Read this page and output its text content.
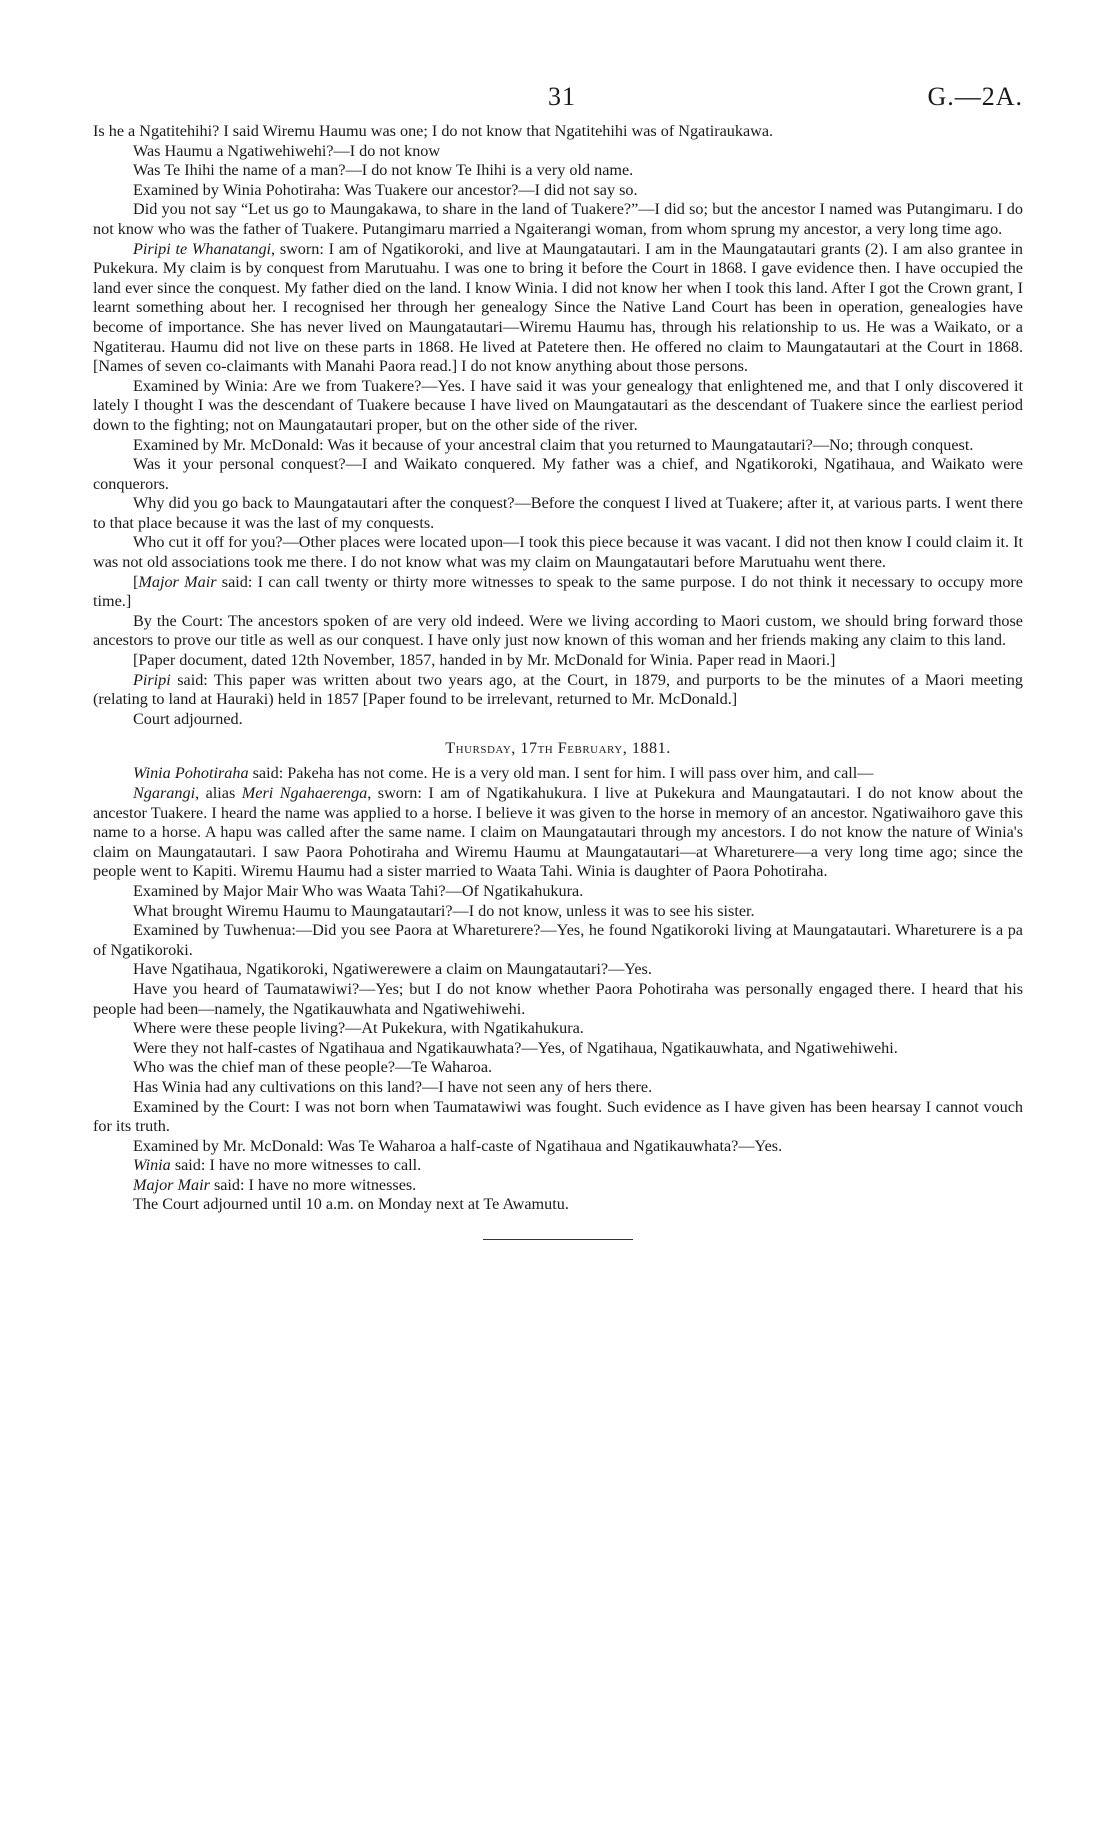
31	G.—2A.

Is he a Ngatitehihi? I said Wiremu Haumu was one; I do not know that Ngatitehihi was of Ngatiraukawa.

Was Haumu a Ngatiwehiwehi?—I do not know

Was Te Ihihi the name of a man?—I do not know Te Ihihi is a very old name.

Examined by Winia Pohotiraha: Was Tuakere our ancestor?—I did not say so.

Did you not say “Let us go to Maungakawa, to share in the land of Tuakere?”—I did so; but the ancestor I named was Putangimaru. I do not know who was the father of Tuakere. Putangimaru married a Ngaiterangi woman, from whom sprung my ancestor, a very long time ago.

Piripi te Whanatangi, sworn: I am of Ngatikoroki, and live at Maungatautari. I am in the Maungatautari grants (2). I am also grantee in Pukekura. My claim is by conquest from Marutuahu. I was one to bring it before the Court in 1868. I gave evidence then. I have occupied the land ever since the conquest. My father died on the land. I know Winia. I did not know her when I took this land. After I got the Crown grant, I learnt something about her. I recognised her through her genealogy Since the Native Land Court has been in operation, genealogies have become of importance. She has never lived on Maungatautari—Wiremu Haumu has, through his relationship to us. He was a Waikato, or a Ngatiterau. Haumu did not live on these parts in 1868. He lived at Patetere then. He offered no claim to Maungatautari at the Court in 1868. [Names of seven co-claimants with Manahi Paora read.] I do not know anything about those persons.

Examined by Winia: Are we from Tuakere?—Yes. I have said it was your genealogy that enlightened me, and that I only discovered it lately I thought I was the descendant of Tuakere because I have lived on Maungatautari as the descendant of Tuakere since the earliest period down to the fighting; not on Maungatautari proper, but on the other side of the river.

Examined by Mr. McDonald: Was it because of your ancestral claim that you returned to Maungatautari?—No; through conquest.

Was it your personal conquest?—I and Waikato conquered. My father was a chief, and Ngatikoroki, Ngatihaua, and Waikato were conquerors.

Why did you go back to Maungatautari after the conquest?—Before the conquest I lived at Tuakere; after it, at various parts. I went there to that place because it was the last of my conquests.

Who cut it off for you?—Other places were located upon—I took this piece because it was vacant. I did not then know I could claim it. It was not old associations took me there. I do not know what was my claim on Maungatautari before Marutuahu went there.

[Major Mair said: I can call twenty or thirty more witnesses to speak to the same purpose. I do not think it necessary to occupy more time.]

By the Court: The ancestors spoken of are very old indeed. Were we living according to Maori custom, we should bring forward those ancestors to prove our title as well as our conquest. I have only just now known of this woman and her friends making any claim to this land.

[Paper document, dated 12th November, 1857, handed in by Mr. McDonald for Winia. Paper read in Maori.]

Piripi said: This paper was written about two years ago, at the Court, in 1879, and purports to be the minutes of a Maori meeting (relating to land at Hauraki) held in 1857 [Paper found to be irrelevant, returned to Mr. McDonald.]

Court adjourned.

Thursday, 17th February, 1881.

Winia Pohotiraha said: Pakeha has not come. He is a very old man. I sent for him. I will pass over him, and call—

Ngarangi, alias Meri Ngahaerenga, sworn: I am of Ngatikahukura. I live at Pukekura and Maungatautari. I do not know about the ancestor Tuakere. I heard the name was applied to a horse. I believe it was given to the horse in memory of an ancestor. Ngatiwaihoro gave this name to a horse. A hapu was called after the same name. I claim on Maungatautari through my ancestors. I do not know the nature of Winia's claim on Maungatautari. I saw Paora Pohotiraha and Wiremu Haumu at Maungatautari—at Whareturere—a very long time ago; since the people went to Kapiti. Wiremu Haumu had a sister married to Waata Tahi. Winia is daughter of Paora Pohotiraha.

Examined by Major Mair Who was Waata Tahi?—Of Ngatikahukura.

What brought Wiremu Haumu to Maungatautari?—I do not know, unless it was to see his sister.

Examined by Tuwhenua:—Did you see Paora at Whareturere?—Yes, he found Ngatikoroki living at Maungatautari. Whareturere is a pa of Ngatikoroki.

Have Ngatihaua, Ngatikoroki, Ngatiwerewere a claim on Maungatautari?—Yes.

Have you heard of Taumatawiwi?—Yes; but I do not know whether Paora Pohotiraha was personally engaged there. I heard that his people had been—namely, the Ngatikauwhata and Ngatiwehiwehi.

Where were these people living?—At Pukekura, with Ngatikahukura.

Were they not half-castes of Ngatihaua and Ngatikauwhata?—Yes, of Ngatihaua, Ngatikauwhata, and Ngatiwehiwehi.

Who was the chief man of these people?—Te Waharoa.

Has Winia had any cultivations on this land?—I have not seen any of hers there.

Examined by the Court: I was not born when Taumatawiwi was fought. Such evidence as I have given has been hearsay I cannot vouch for its truth.

Examined by Mr. McDonald: Was Te Waharoa a half-caste of Ngatihaua and Ngatikauwhata?—Yes.

Winia said: I have no more witnesses to call.

Major Mair said: I have no more witnesses.

The Court adjourned until 10 a.m. on Monday next at Te Awamutu.
